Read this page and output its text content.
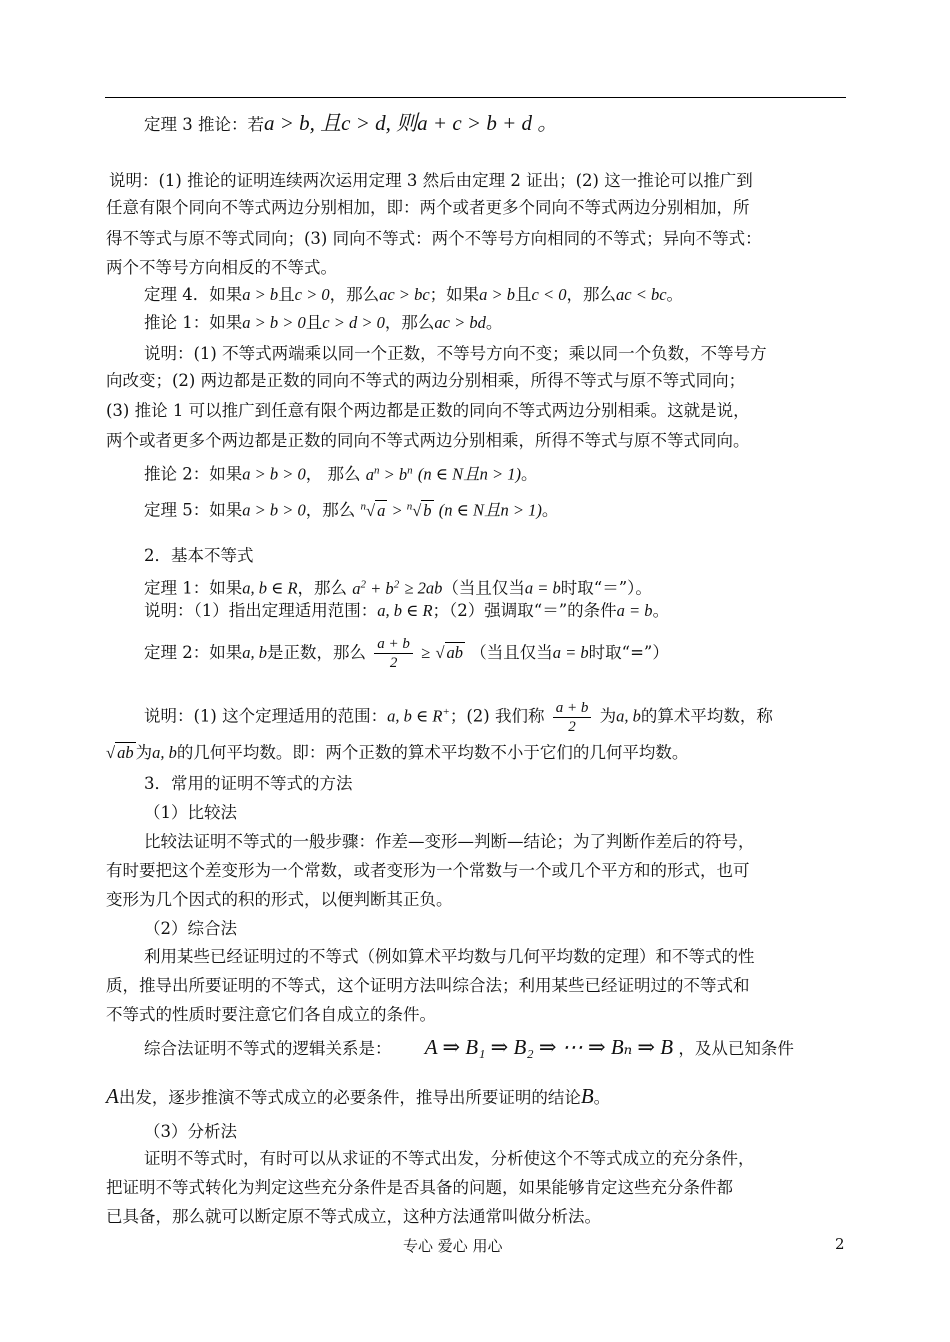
定理 3 推论：若a > b, 且c > d, 则a + c > b + d 。
说明：(1) 推论的证明连续两次运用定理 3 然后由定理 2 证出；(2) 这一推论可以推广到
任意有限个同向不等式两边分别相加，即：两个或者更多个同向不等式两边分别相加，所
得不等式与原不等式同向；(3) 同向不等式：两个不等号方向相同的不等式；异向不等式：
两个不等号方向相反的不等式。
定理 4．如果a > b且c > 0，那么ac > bc；如果a > b且c < 0，那么ac < bc。
推论 1：如果a > b > 0且c > d > 0，那么ac > bd。
说明：(1) 不等式两端乘以同一个正数，不等号方向不变；乘以同一个负数，不等号方
向改变；(2) 两边都是正数的同向不等式的两边分别相乘，所得不等式与原不等式同向；
(3) 推论 1 可以推广到任意有限个两边都是正数的同向不等式两边分别相乘。这就是说，
两个或者更多个两边都是正数的同向不等式两边分别相乘，所得不等式与原不等式同向。
推论 2：如果a > b > 0， 那么 $a^n > b^n$ (n ∈ N且n > 1)。
定理 5：如果a > b > 0，那么 $^n$√ a > $^n$√ b (n ∈ N且n > 1)。
2．基本不等式
定理 1：如果a, b ∈ R，那么 $a^2 + b^2 \ge 2ab$（当且仅当a = b时取“＝”）。
说明：（1）指出定理适用范围：a, b ∈ R；（2）强调取“＝”的条件a = b。
定理 2：如果a, b是正数，那么 $\frac{a + b}{2}$ ≥ √ ab （当且仅当a = b时取“=”）
说明：(1) 这个定理适用的范围：a, b ∈ R+；(2) 我们称 $\frac{a + b}{2}$ 为a, b的算术平均数，称
√ ab 为a, b的几何平均数。即：两个正数的算术平均数不小于它们的几何平均数。
3．常用的证明不等式的方法
（1）比较法
比较法证明不等式的一般步骤：作差—变形—判断—结论；为了判断作差后的符号，
有时要把这个差变形为一个常数，或者变形为一个常数与一个或几个平方和的形式，也可
变形为几个因式的积的形式，以便判断其正负。
（2）综合法
利用某些已经证明过的不等式（例如算术平均数与几何平均数的定理）和不等式的性
质，推导出所要证明的不等式，这个证明方法叫综合法；利用某些已经证明过的不等式和
不等式的性质时要注意它们各自成立的条件。
综合法证明不等式的逻辑关系是： A ⇒ B₁ ⇒ B₂ ⇒ ⋯ ⇒ Bₙ ⇒ B ，及从已知条件
A出发，逐步推演不等式成立的必要条件，推导出所要证明的结论B。
（3）分析法
证明不等式时，有时可以从求证的不等式出发，分析使这个不等式成立的充分条件，
把证明不等式转化为判定这些充分条件是否具备的问题，如果能够肯定这些充分条件都
已具备，那么就可以断定原不等式成立，这种方法通常叫做分析法。
专心 爱心 用心	2
